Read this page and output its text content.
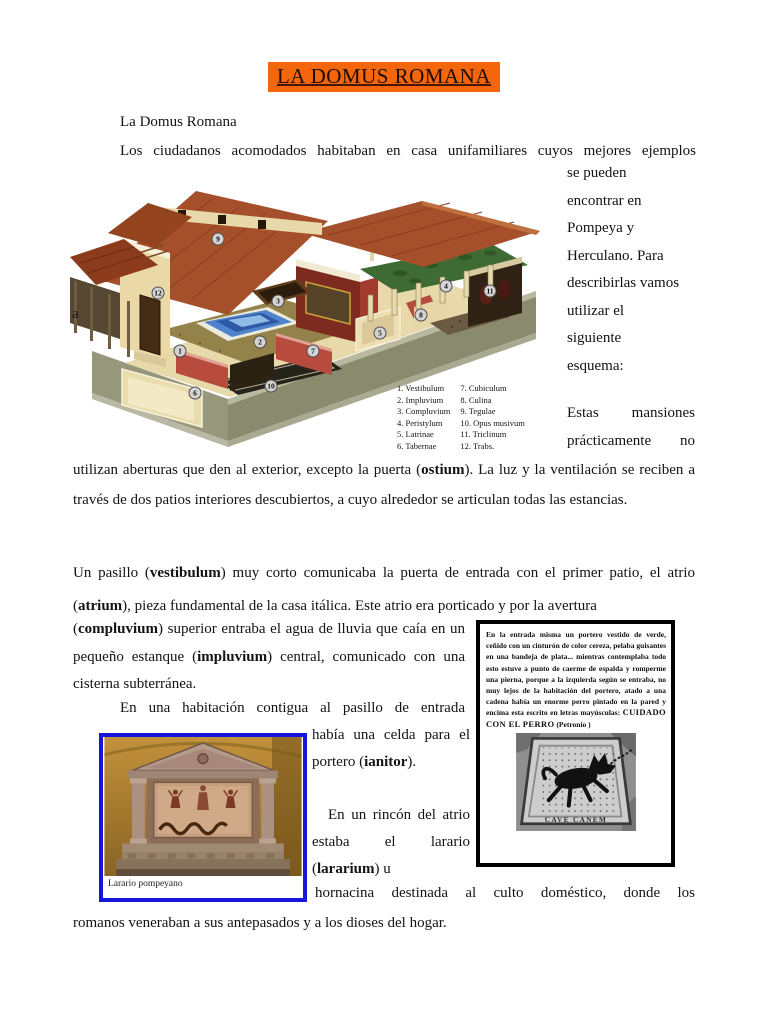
LA DOMUS ROMANA
La Domus Romana
Los ciudadanos acomodados habitaban en casa unifamiliares cuyos mejores ejemplos
1
2
3
4
5
6
7
8
9
10
11
12
1. Vestibulum
2. Impluvium
3. Compluvium
4. Peristylum
5. Latrinae
6. Tabernae
7. Cubiculum
8. Culina
9. Tegulae
10. Opus musivum
11. Triclinum
12. Trabs.
se pueden
encontrar en
Pompeya y
Herculano. Para
describirlas vamos
utilizar el
siguiente
esquema:
a
Estas mansiones
prácticamente no
utilizan aberturas que den al exterior, excepto la puerta (ostium). La luz y la ventilación se reciben a través de dos patios interiores descubiertos, a cuyo alrededor se articulan todas las estancias.
Un pasillo (vestibulum) muy corto comunicaba la puerta de entrada con el primer patio, el atrio (atrium), pieza fundamental de la casa itálica. Este atrio era porticado y por la avertura
(compluvium) superior entraba el agua de lluvia que caía en un pequeño estanque (impluvium) central, comunicado con una cisterna subterránea.
En una habitación contigua al pasillo de entrada

En la entrada misma un portero vestido de verde, ceñido con un cinturón de color cereza, pelaba guisantes en una bandeja de plata... mientras contemplaba todo esto estuve a punto de caerme de espalda y romperme una pierna, porque a la izquierda según se entraba, no muy lejos de la habitación del portero, atado a una cadena había un enorme perro pintado en la pared y encima esta escrito en letras mayúsculas: CUIDADO CON EL PERRO (Petronio )

CAVE CANEM

había una celda para el portero (ianitor).

En un rincón del atrio estaba el larario (lararium) u

Larario pompeyano
hornacina destinada al culto doméstico, donde los
romanos veneraban a sus antepasados y a los dioses del hogar.
